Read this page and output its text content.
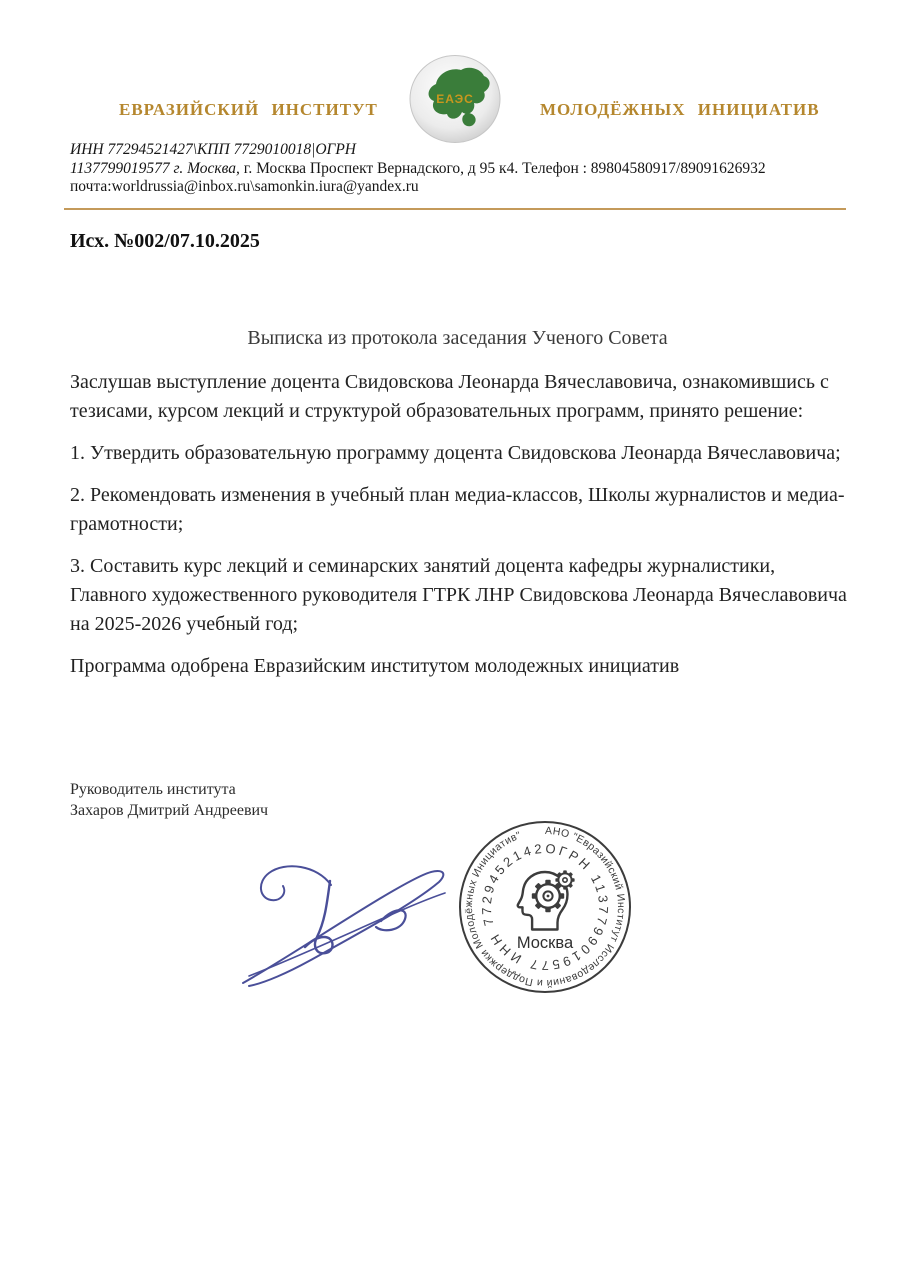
ЕВРАЗИЙСКИЙ ИНСТИТУТ
ЕАЭС
МОЛОДЁЖНЫХ ИНИЦИАТИВ
ИНН 77294521427\КПП 7729010018|ОГРН
1137799019577 г. Москва, г. Москва Проспект Вернадского, д 95 к4. Телефон : 89804580917/89091626932
почта:worldrussia@inbox.ru\samonkin.iura@yandex.ru
Исх. №002/07.10.2025
Выписка из протокола заседания Ученого Совета

Заслушав выступление доцента Свидовскова Леонарда Вячеславовича, ознакомившись с тезисами, курсом лекций и структурой образовательных программ, принято решение:

1. Утвердить образовательную программу доцента Свидовскова Леонарда Вячеславовича;

2. Рекомендовать изменения в учебный план медиа-классов, Школы журналистов и медиа-грамотности;

3. Составить курс лекций и семинарских занятий доцента кафедры журналистики, Главного художественного руководителя ГТРК ЛНР Свидовскова Леонарда Вячеславовича на 2025-2026 учебный год;

Программа одобрена Евразийским институтом молодежных инициатив

Руководитель института
Захаров Дмитрий Андреевич
АНО "Евразийский Институт Исследований и Поддержки Молодёжных Инициатив"
ОГРН 1137799019577 ИНН 7729452142
Москва
